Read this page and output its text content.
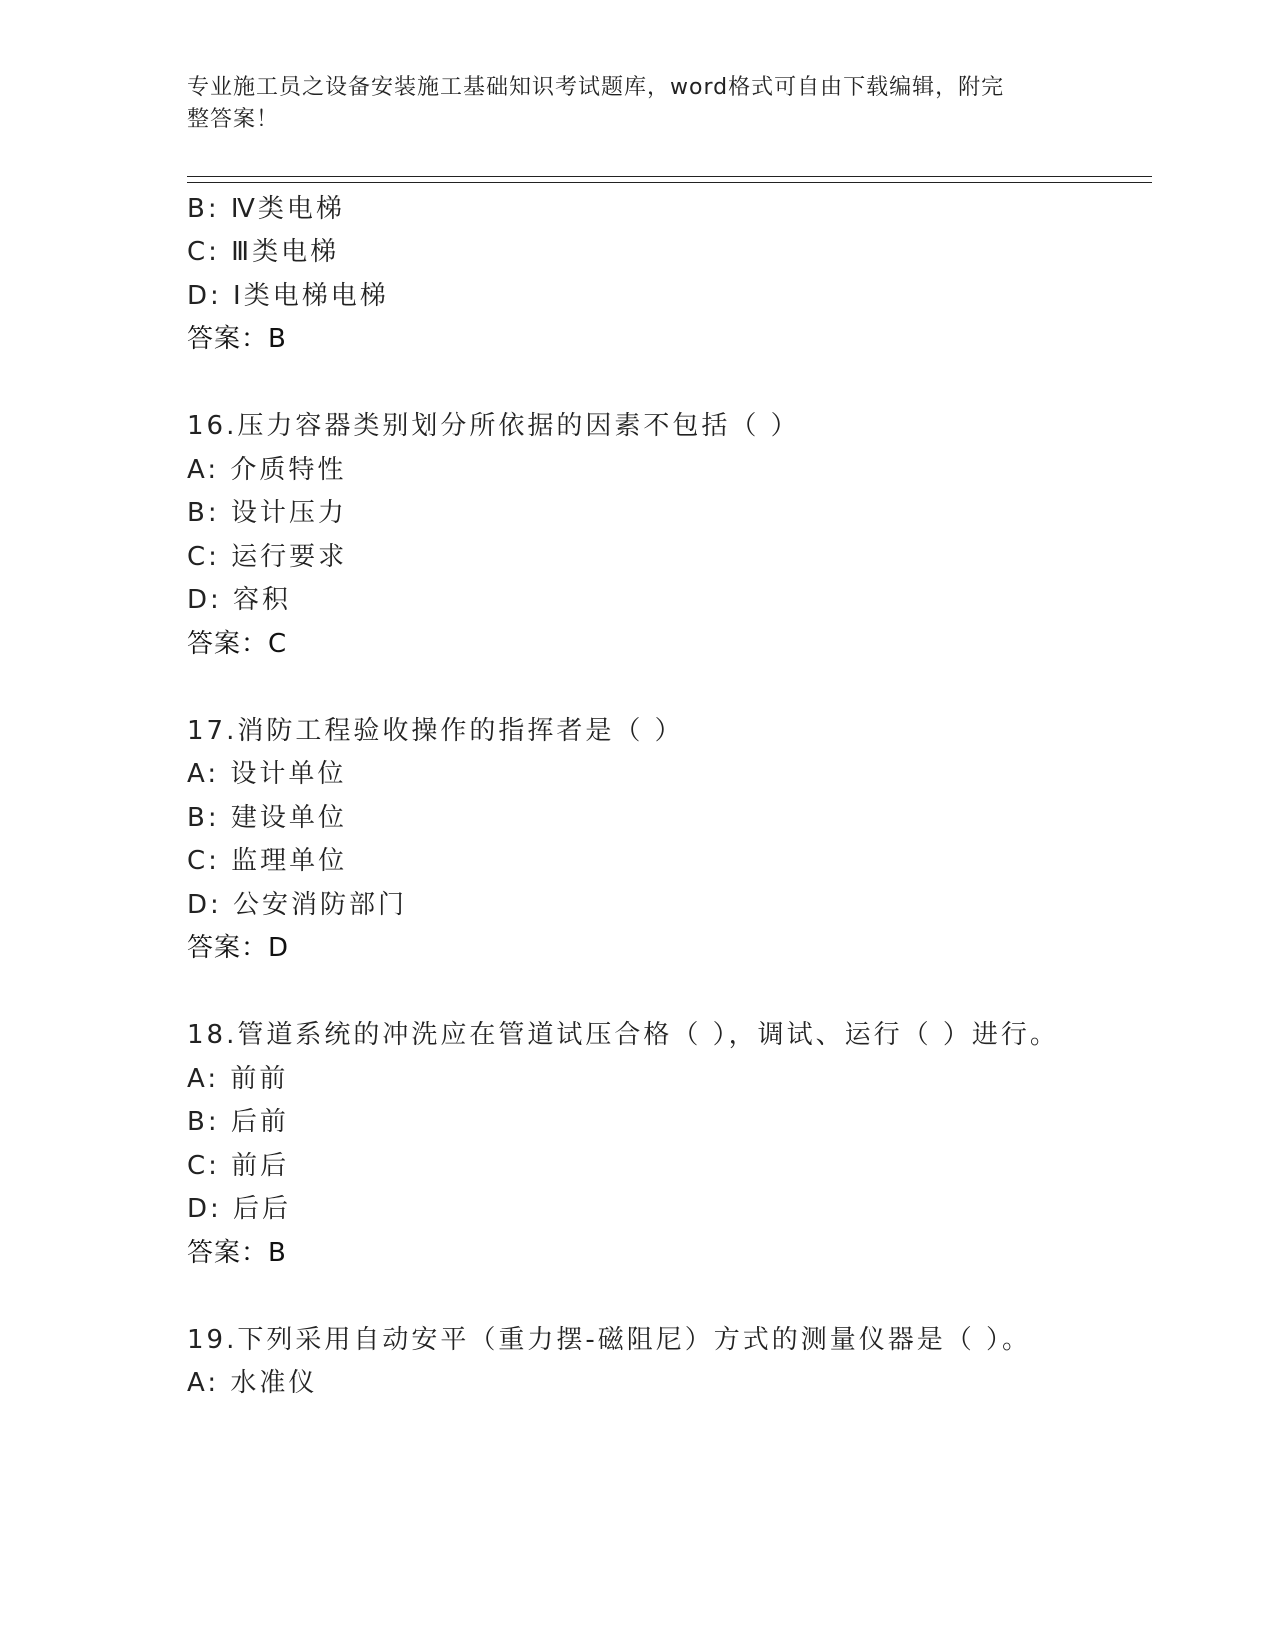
专业施工员之设备安装施工基础知识考试题库，word格式可自由下载编辑，附完
整答案！
B: Ⅳ类电梯
C: Ⅲ类电梯
D: Ⅰ类电梯电梯
答案：B
16.压力容器类别划分所依据的因素不包括（ ）
A: 介质特性
B: 设计压力
C: 运行要求
D: 容积
答案：C
17.消防工程验收操作的指挥者是（ ）
A: 设计单位
B: 建设单位
C: 监理单位
D: 公安消防部门
答案：D
18.管道系统的冲洗应在管道试压合格（ ），调试、运行（ ）进行。
A: 前前
B: 后前
C: 前后
D: 后后
答案：B
19.下列采用自动安平（重力摆-磁阻尼）方式的测量仪器是（ ）。
A: 水准仪
